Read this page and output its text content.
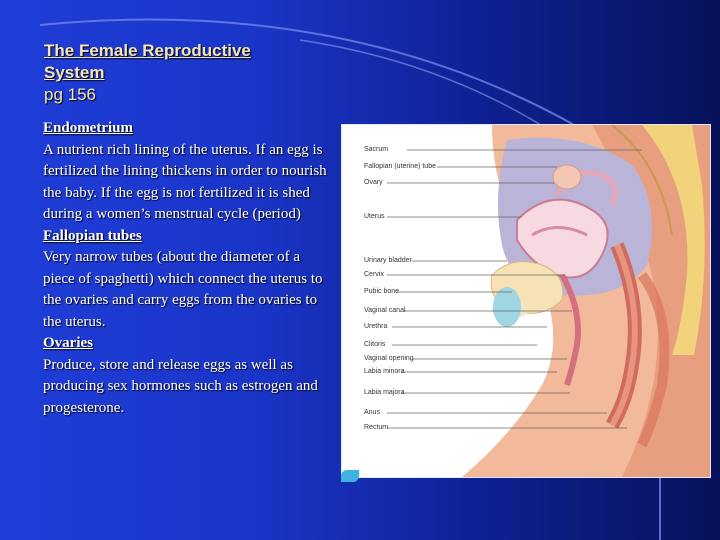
The Female Reproductive System
pg 156
Endometrium
A nutrient rich lining of the uterus. If an egg is fertilized the lining thickens in order to nourish the baby. If the egg is not fertilized it is shed during a women’s menstrual cycle (period)
Fallopian tubes
Very narrow tubes (about the diameter of a piece of spaghetti) which connect the uterus to the ovaries and carry eggs from the ovaries to the uterus.
Ovaries
Produce, store and release eggs as well as producing sex hormones such as estrogen and progesterone.
Sacrum
Fallopian (uterine) tube
Ovary
Uterus
Urinary bladder
Cervix
Pubic bone
Vaginal canal
Urethra
Clitoris
Vaginal opening
Labia minora
Labia majora
Anus
Rectum
